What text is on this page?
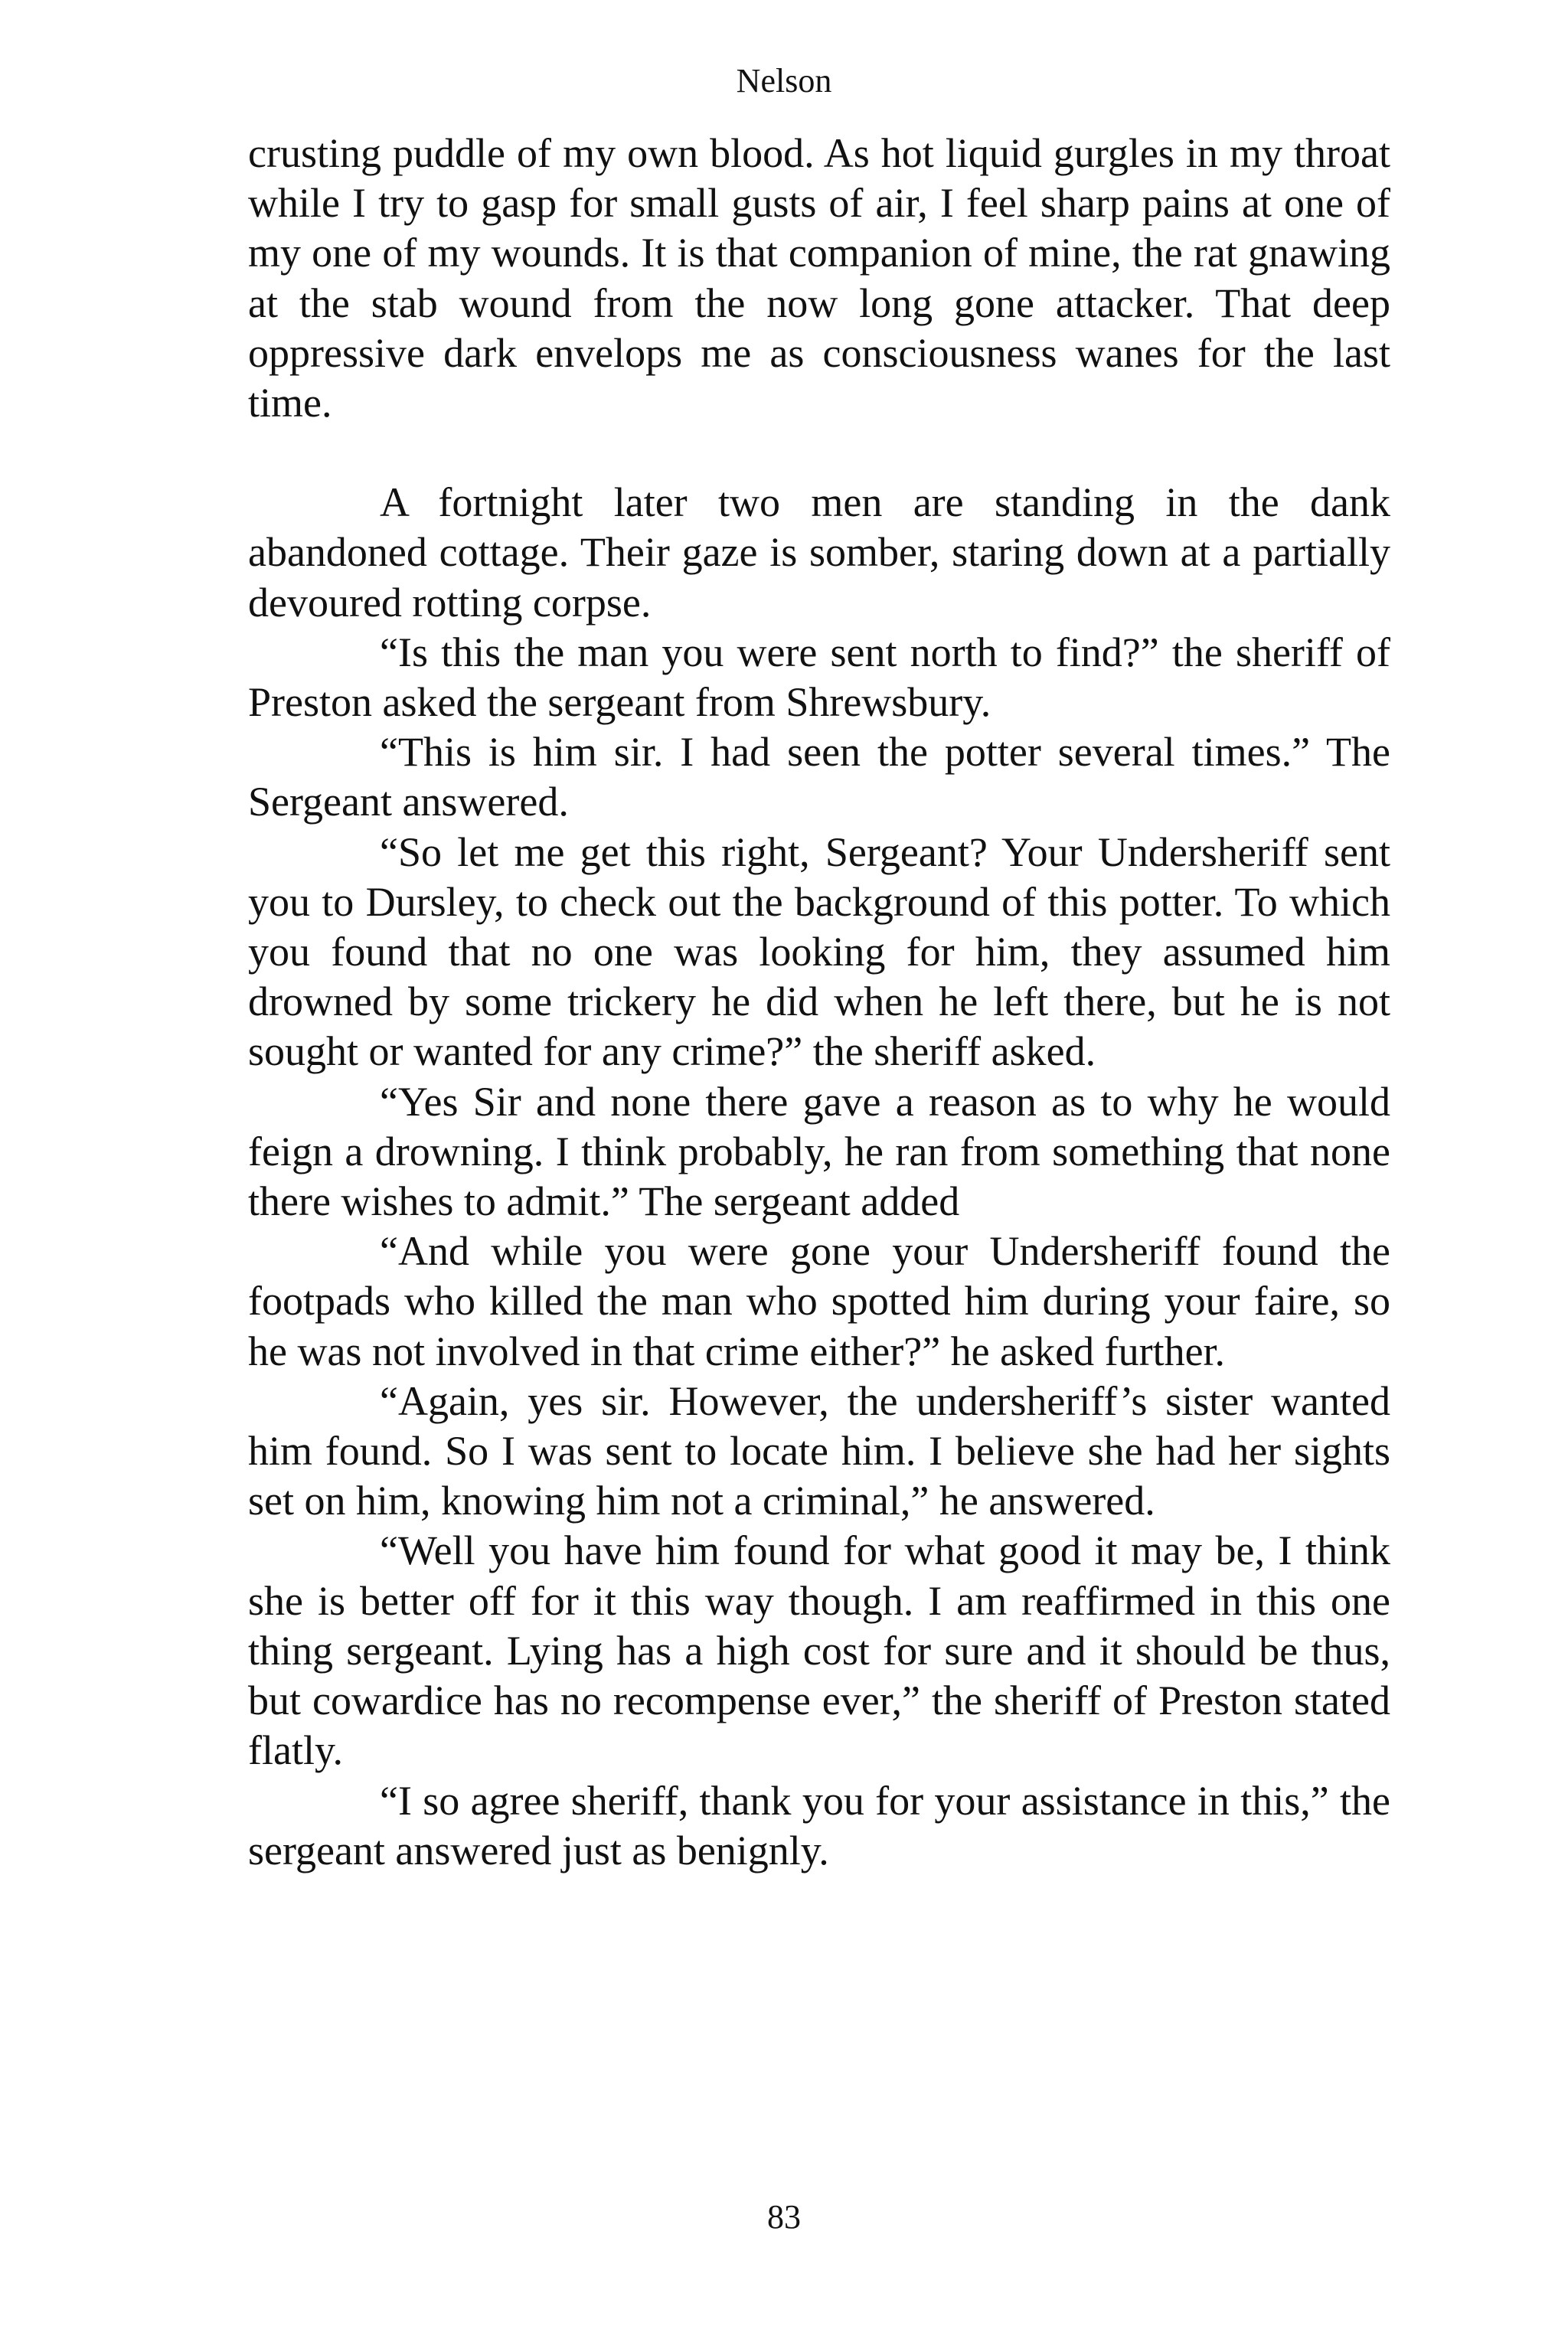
Nelson

crusting puddle of my own blood. As hot liquid gurgles in my throat while I try to gasp for small gusts of air, I feel sharp pains at one of my one of my wounds. It is that companion of mine, the rat gnawing at the stab wound from the now long gone attacker. That deep oppressive dark envelops me as consciousness wanes for the last time.

A fortnight later two men are standing in the dank abandoned cottage. Their gaze is somber, staring down at a partially devoured rotting corpse.

“Is this the man you were sent north to find?” the sheriff of Preston asked the sergeant from Shrewsbury.

“This is him sir. I had seen the potter several times.” The Sergeant answered.

“So let me get this right, Sergeant? Your Undersheriff sent you to Dursley, to check out the background of this potter. To which you found that no one was looking for him, they assumed him drowned by some trickery he did when he left there, but he is not sought or wanted for any crime?” the sheriff asked.

“Yes Sir and none there gave a reason as to why he would feign a drowning. I think probably, he ran from something that none there wishes to admit.” The sergeant added

“And while you were gone your Undersheriff found the footpads who killed the man who spotted him during your faire, so he was not involved in that crime either?” he asked further.

“Again, yes sir. However, the undersheriff’s sister wanted him found. So I was sent to locate him. I believe she had her sights set on him, knowing him not a criminal,” he answered.

“Well you have him found for what good it may be, I think she is better off for it this way though. I am reaffirmed in this one thing sergeant. Lying has a high cost for sure and it should be thus, but cowardice has no recompense ever,” the sheriff of Preston stated flatly.

“I so agree sheriff, thank you for your assistance in this,” the sergeant answered just as benignly.

83
